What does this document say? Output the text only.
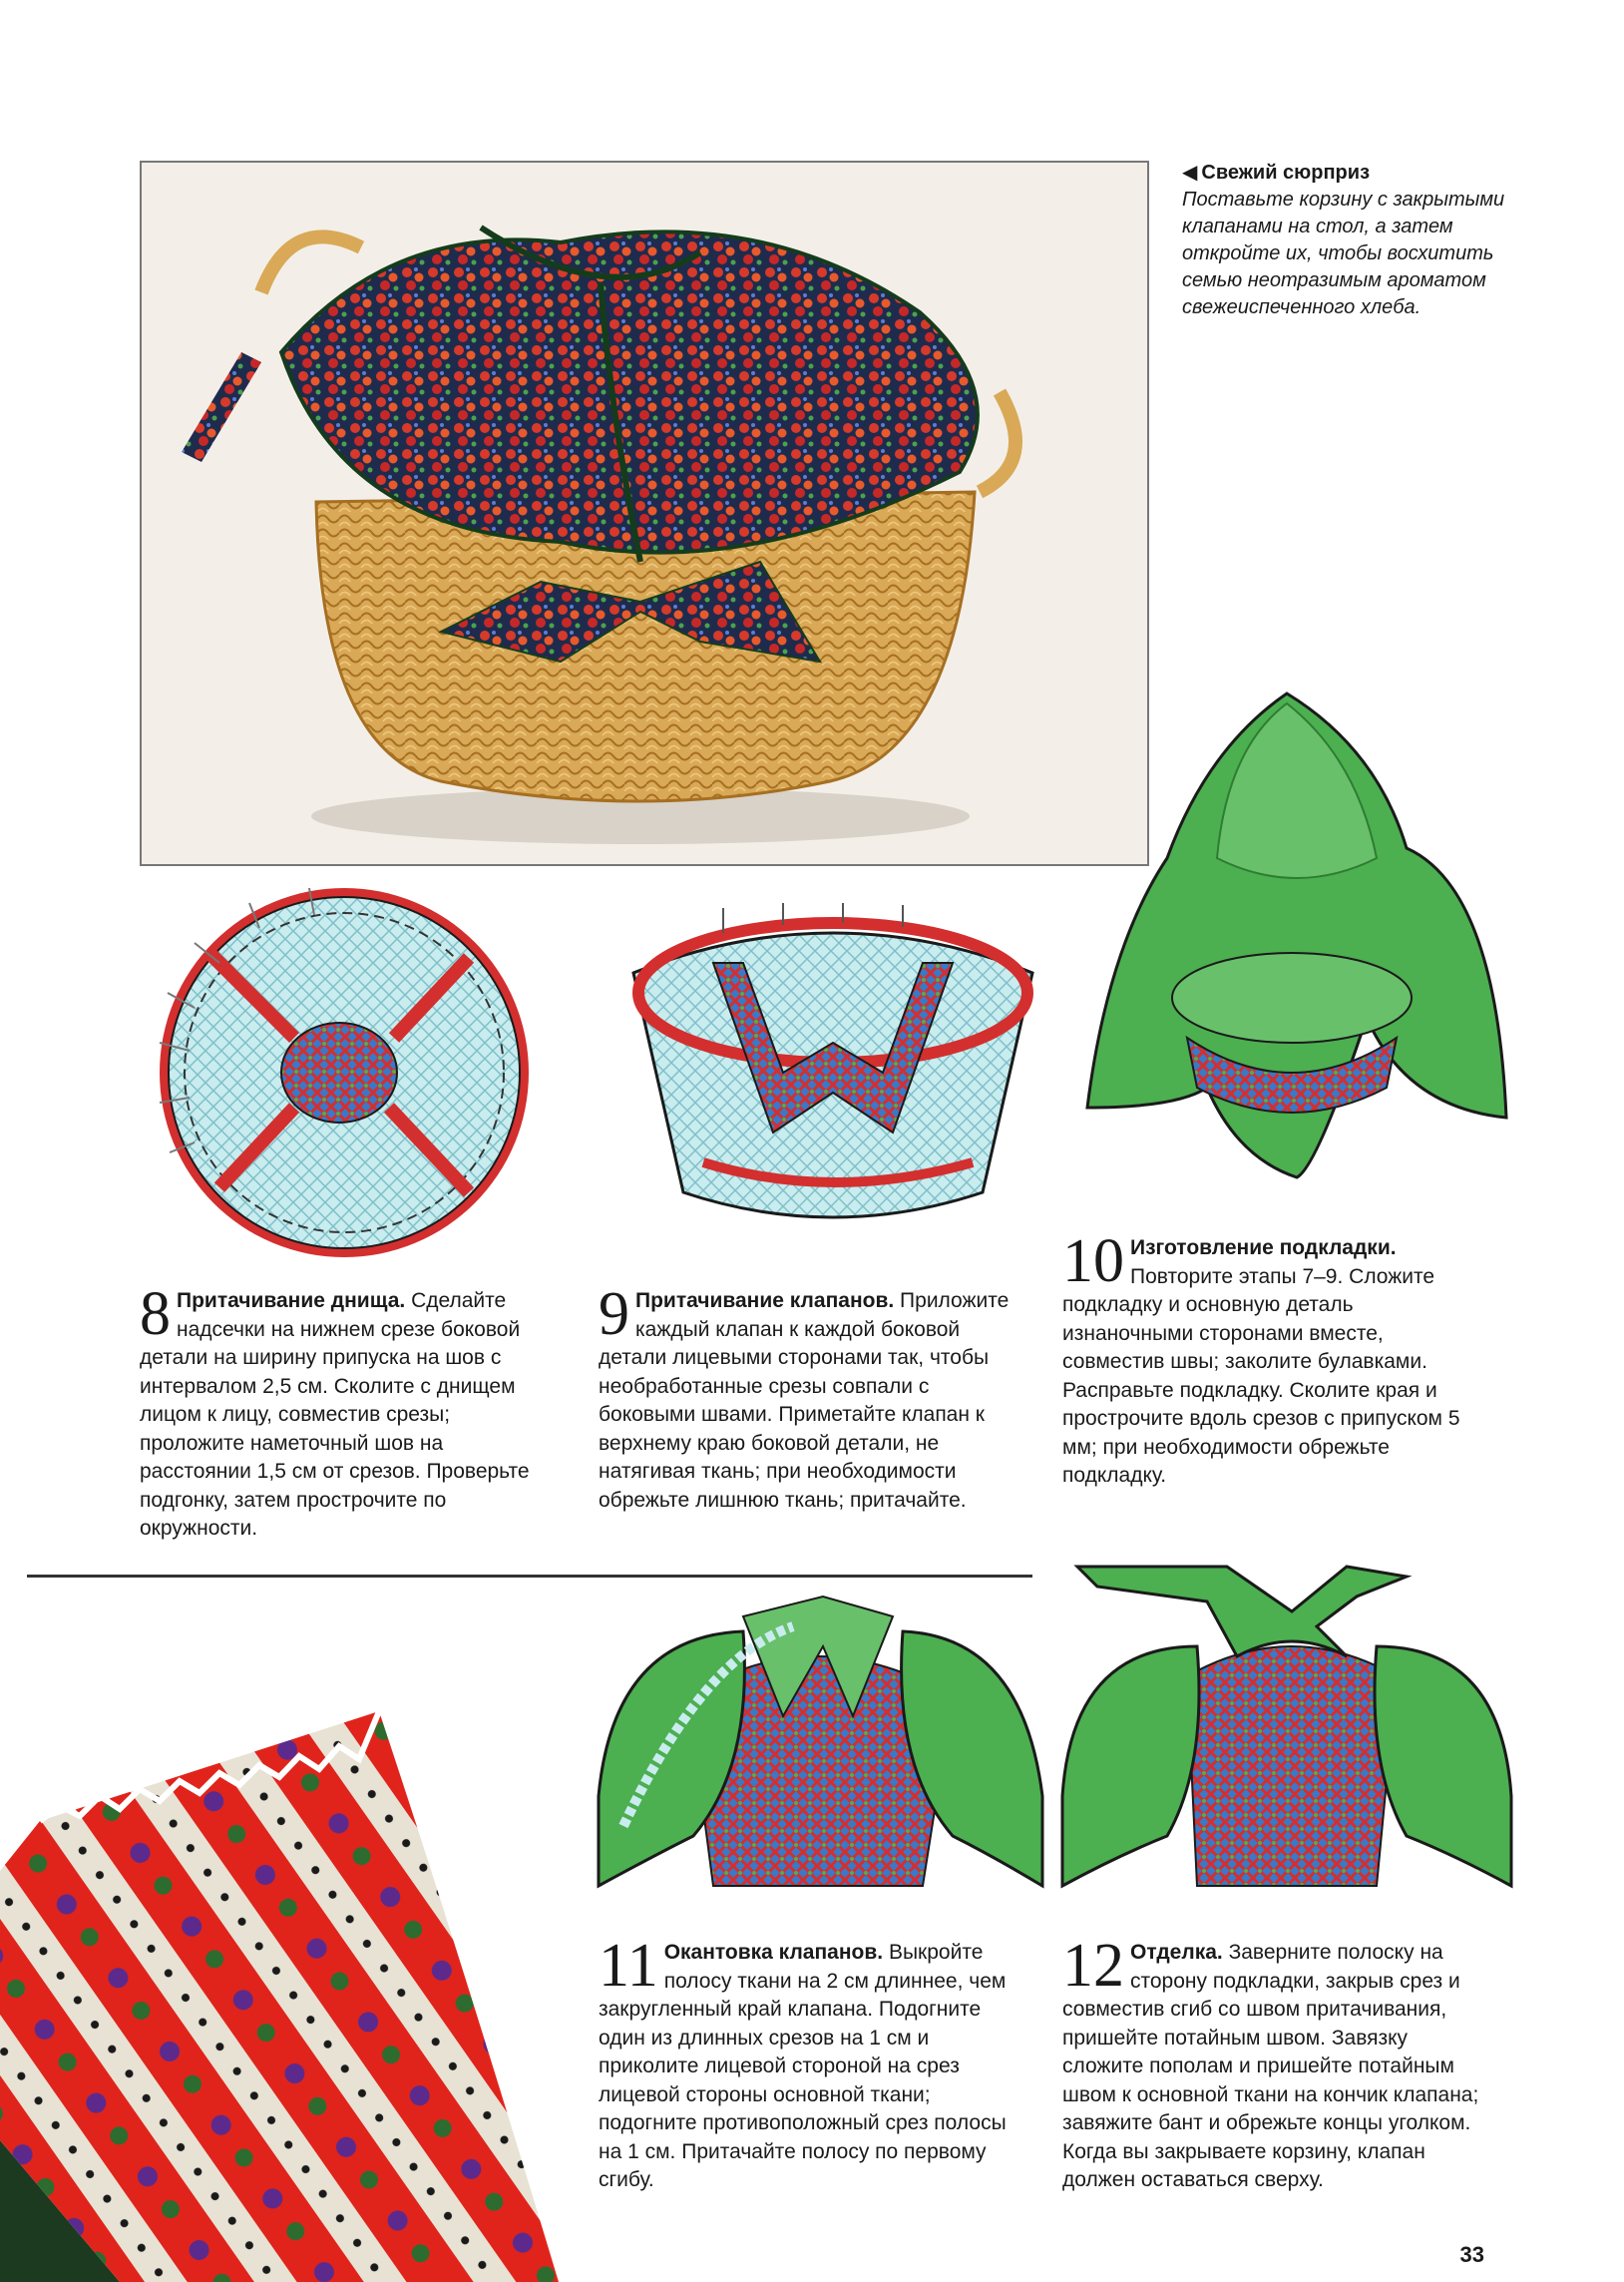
◀ Свежий сюрприз
Поставьте корзину с закрытыми клапанами на стол, а затем откройте их, чтобы восхитить семью неотразимым ароматом свежеиспеченного хлеба.
8 Притачивание днища. Сделайте надсечки на нижнем срезе боковой детали на ширину припуска на шов с интервалом 2,5 см. Сколите с днищем лицом к лицу, совместив срезы; проложите наметочный шов на расстоянии 1,5 см от срезов. Проверьте подгонку, затем прострочите по окружности.
9 Притачивание клапанов. Приложите каждый клапан к каждой боковой детали лицевыми сторонами так, чтобы необработанные срезы совпали с боковыми швами. Приметайте клапан к верхнему краю боковой детали, не натягивая ткань; при необходимости обрежьте лишнюю ткань; притачайте.
10 Изготовление подкладки. Повторите этапы 7–9. Сложите подкладку и основную деталь изнаночными сторонами вместе, совместив швы; заколите булавками. Расправьте подкладку. Сколите края и прострочите вдоль срезов с припуском 5 мм; при необходимости обрежьте подкладку.
11 Окантовка клапанов. Выкройте полосу ткани на 2 см длиннее, чем закругленный край клапана. Подогните один из длинных срезов на 1 см и приколите лицевой стороной на срез лицевой стороны основной ткани; подогните противоположный срез полосы на 1 см. Притачайте полосу по первому сгибу.
12 Отделка. Заверните полоску на сторону подкладки, закрыв срез и совместив сгиб со швом притачивания, пришейте потайным швом. Завязку сложите пополам и пришейте потайным швом к основной ткани на кончик клапана; завяжите бант и обрежьте концы уголком. Когда вы закрываете корзину, клапан должен оставаться сверху.
33
